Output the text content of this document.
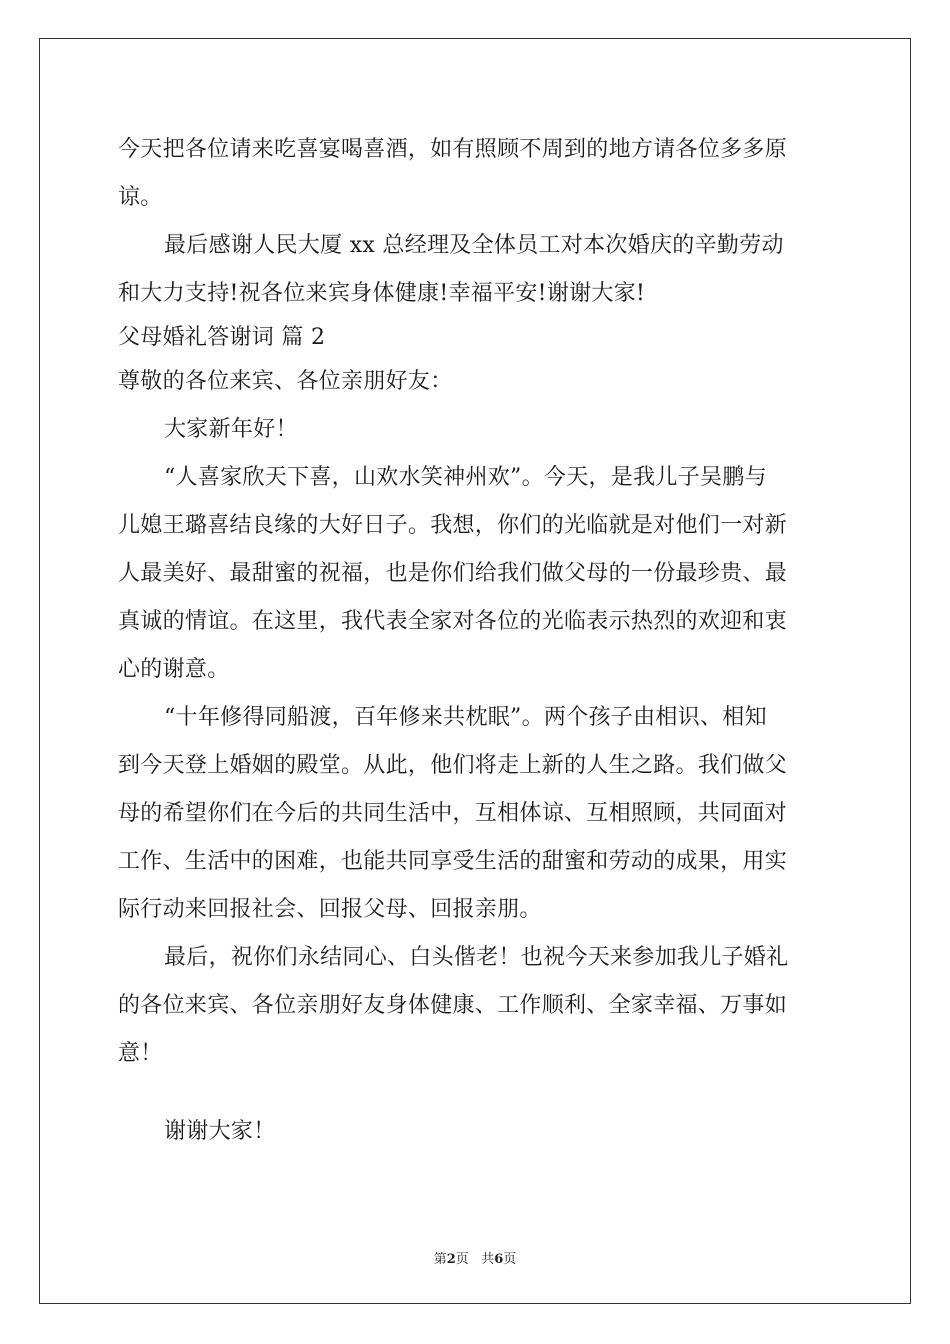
今天把各位请来吃喜宴喝喜酒，如有照顾不周到的地方请各位多多原
谅。
最后感谢人民大厦 xx 总经理及全体员工对本次婚庆的辛勤劳动
和大力支持!祝各位来宾身体健康!幸福平安!谢谢大家!
父母婚礼答谢词 篇 2
尊敬的各位来宾、各位亲朋好友：
大家新年好！
“人喜家欣天下喜，山欢水笑神州欢”。今天，是我儿子吴鹏与
儿媳王璐喜结良缘的大好日子。我想，你们的光临就是对他们一对新
人最美好、最甜蜜的祝福，也是你们给我们做父母的一份最珍贵、最
真诚的情谊。在这里，我代表全家对各位的光临表示热烈的欢迎和衷
心的谢意。
“十年修得同船渡，百年修来共枕眠”。两个孩子由相识、相知
到今天登上婚姻的殿堂。从此，他们将走上新的人生之路。我们做父
母的希望你们在今后的共同生活中，互相体谅、互相照顾，共同面对
工作、生活中的困难，也能共同享受生活的甜蜜和劳动的成果，用实
际行动来回报社会、回报父母、回报亲朋。
最后，祝你们永结同心、白头偕老！也祝今天来参加我儿子婚礼
的各位来宾、各位亲朋好友身体健康、工作顺利、全家幸福、万事如
意！
谢谢大家！
第2页   共6页
